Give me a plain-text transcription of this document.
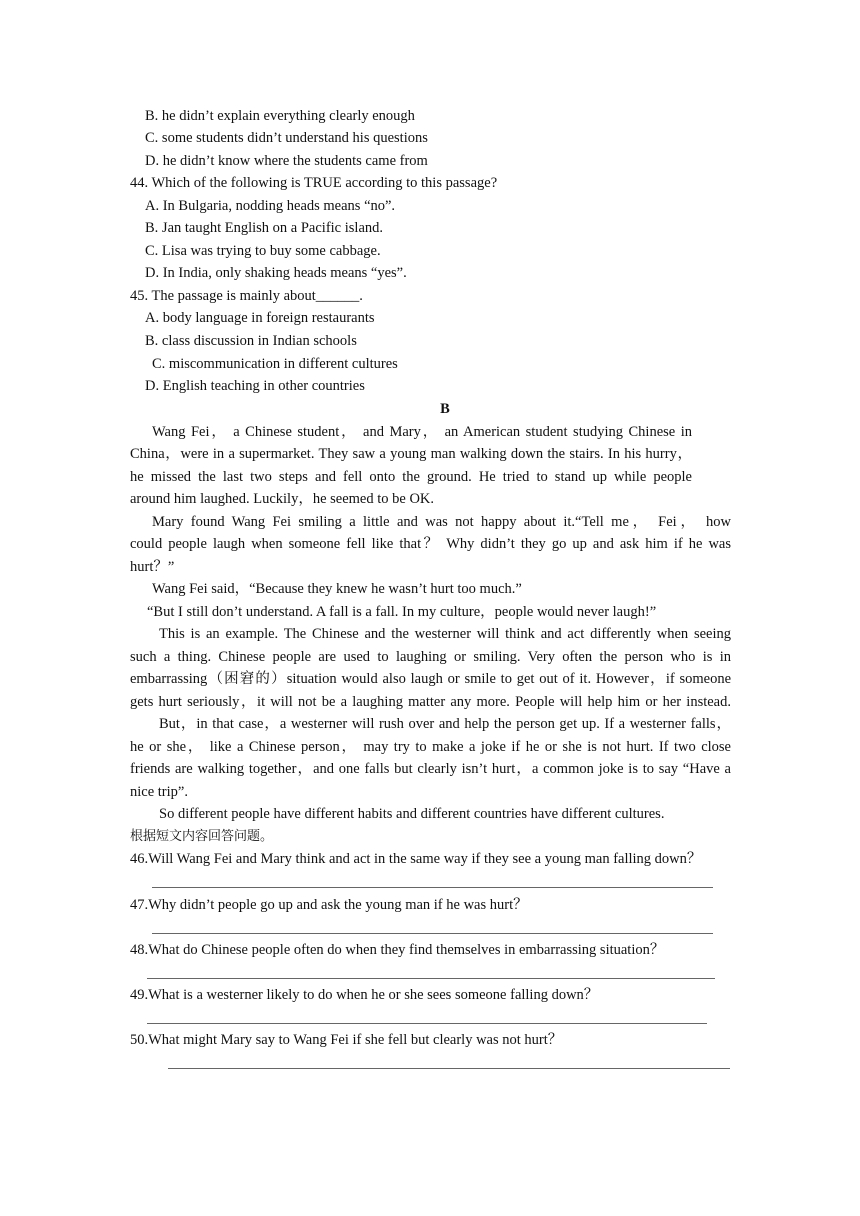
B. he didn’t explain everything clearly enough
C. some students didn’t understand his questions
D. he didn’t know where the students came from
44. Which of the following is TRUE according to this passage?
A. In Bulgaria, nodding heads means “no”.
B. Jan taught English on a Pacific island.
C. Lisa was trying to buy some cabbage.
D. In India, only shaking heads means “yes”.
45. The passage is mainly about______.
A. body language in foreign restaurants
B. class discussion in Indian schools
C. miscommunication in different cultures
D. English teaching in other countries
B
Wang Fei， a Chinese student， and Mary， an American student studying Chinese in
China，were in a supermarket. They saw a young man walking down the stairs. In his hurry，
he missed the last two steps and fell onto the ground. He tried to stand up while people
around him laughed. Luckily，he seemed to be OK.
Mary found Wang Fei smiling a little and was not happy about it.“Tell me， Fei， how
could people laugh when someone fell like that？ Why didn’t they go up and ask him if he was
hurt？”
Wang Fei said，“Because they knew he wasn’t hurt too much.”
“But I still don’t understand. A fall is a fall. In my culture，people would never laugh!”
This is an example. The Chinese and the westerner will think and act differently when seeing
such a thing. Chinese people are used to laughing or smiling. Very often the person who is in
embarrassing（困窘的）situation would also laugh or smile to get out of it. However，if someone
gets hurt seriously，it will not be a laughing matter any more. People will help him or her instead.
But，in that case，a westerner will rush over and help the person get up. If a westerner falls，
he or she， like a Chinese person， may try to make a joke if he or she is not hurt. If two close
friends are walking together，and one falls but clearly isn’t hurt，a common joke is to say “Have a
nice trip”.
So different people have different habits and different countries have different cultures.
根据短文内容回答问题。
46.Will Wang Fei and Mary think and act in the same way if they see a young man falling down？
47.Why didn’t people go up and ask the young man if he was hurt？
48.What do Chinese people often do when they find themselves in embarrassing situation？
49.What is a westerner likely to do when he or she sees someone falling down？
50.What might Mary say to Wang Fei if she fell but clearly was not hurt？
